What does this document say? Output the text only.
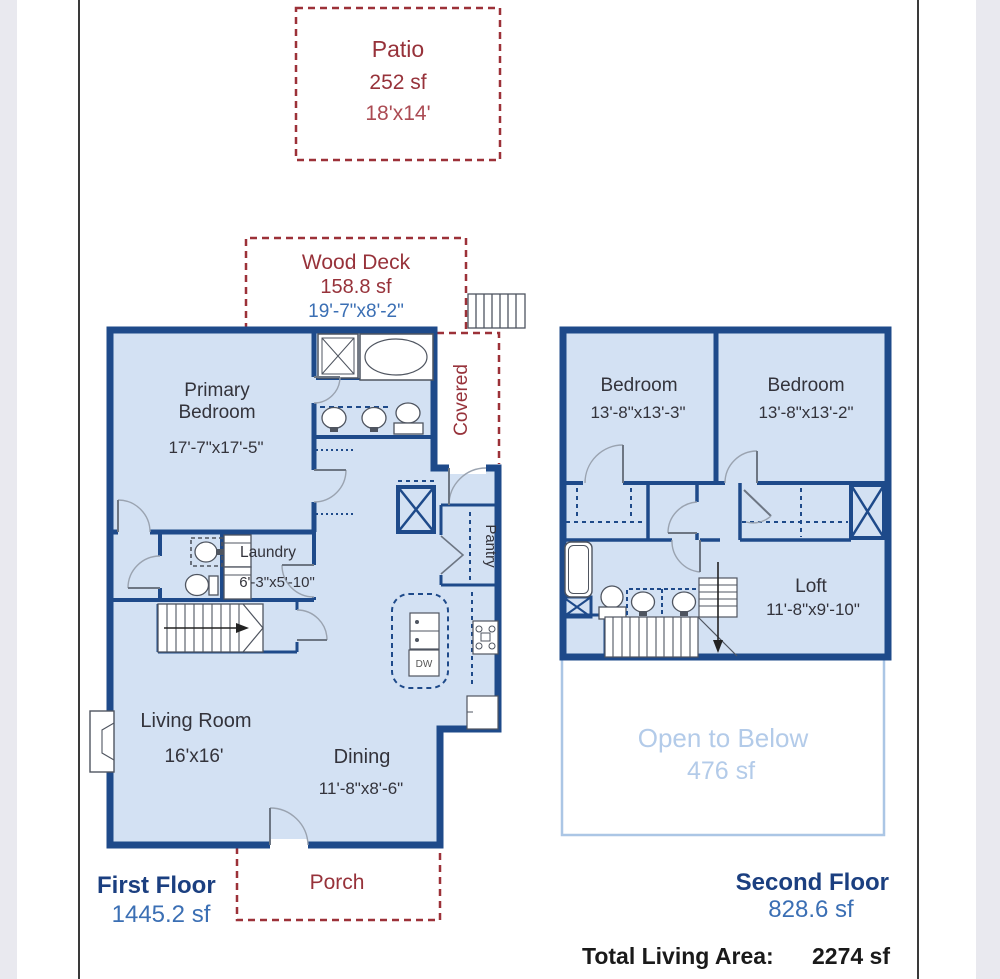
Patio
252 sf
18'x14'
Wood Deck
158.8 sf
19'-7"x8'-2"
Covered
Porch
Open to Below
476 sf
DW
Primary
Bedroom
17'-7"x17'-5"
Laundry
6'-3"x5'-10"
Pantry
Living Room
16'x16'	Dining
11'-8"x8'-6"
Bedroom
13'-8"x13'-3"
Bedroom
13'-8"x13'-2"
Loft
11'-8"x9'-10"
First Floor
1445.2 sf
Second Floor
828.6 sf
Total Living Area: 2274 sf
